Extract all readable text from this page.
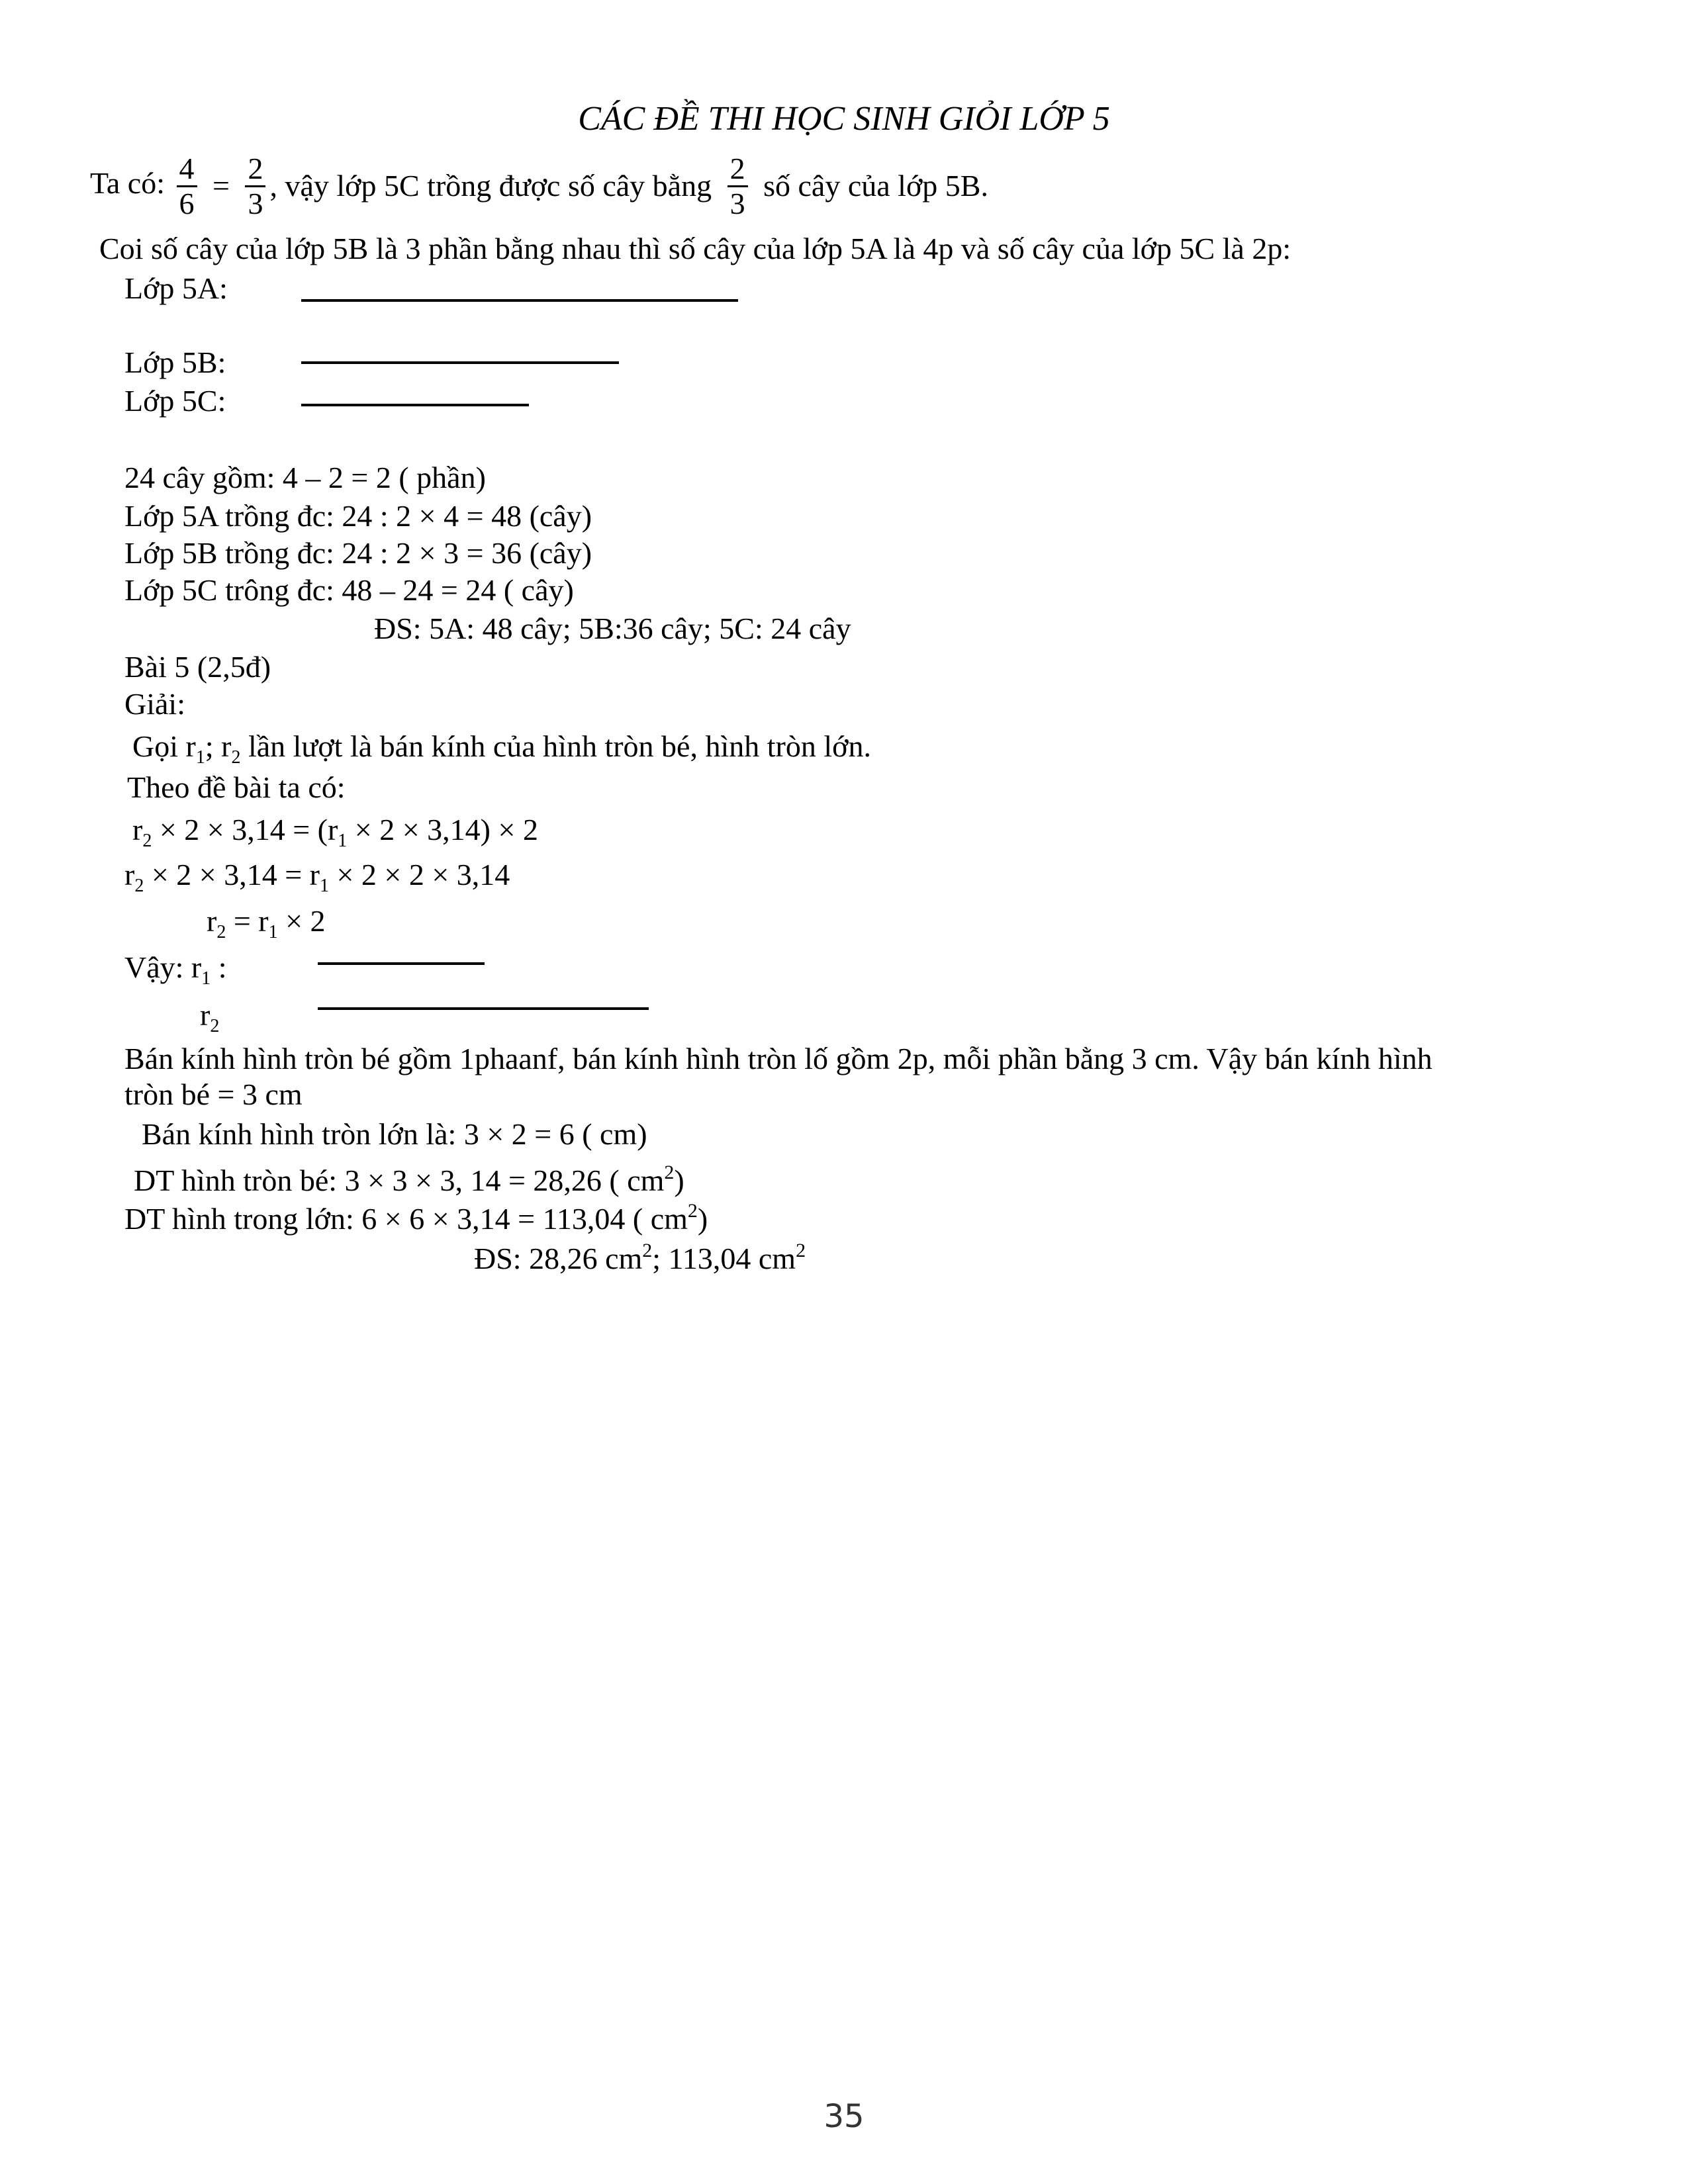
CÁC ĐỀ THI HỌC SINH GIỎI LỚP 5
Ta có: $\frac{4}{6} = \frac{2}{3}$ , vậy lớp 5C trồng được số cây bằng $\frac{2}{3}$ số cây của lớp 5B.
Coi số cây của lớp 5B là 3 phần bằng nhau thì số cây của lớp 5A là 4p và số cây của lớp 5C là 2p:
Lớp 5A:
Lớp 5B:
Lớp 5C:
24 cây gồm: 4 – 2 = 2 ( phần)
Lớp 5A trồng đc: 24 : 2 × 4 = 48 (cây)
Lớp 5B trồng đc: 24 : 2 × 3 = 36 (cây)
Lớp 5C trông đc: 48 – 24 = 24 ( cây)
ĐS: 5A: 48 cây; 5B:36 cây; 5C: 24 cây
Bài 5 (2,5đ)
Giải:
Gọi $r_1$; $r_2$ lần lượt là bán kính của hình tròn bé, hình tròn lớn.
Theo đề bài ta có:
$r_2 \times 2 \times 3,14 = (r_1 \times 2 \times 3,14) \times 2$
$r_2 \times 2 \times 3,14 = r_1 \times 2 \times 2 \times 3,14$
$r_2 = r_1 \times 2$
Vậy: $r_1$ :
$r_2$
Bán kính hình tròn bé gồm 1phaanf, bán kính hình tròn lố gồm 2p, mỗi phần bằng 3 cm. Vậy bán kính hình
tròn bé = 3 cm
Bán kính hình tròn lớn là: 3 × 2 = 6 ( cm)
DT hình tròn bé: 3 × 3 × 3, 14 = 28,26 ( $cm^2$)
DT hình trong lớn: 6 × 6 × 3,14 = 113,04 ( $cm^2$)
ĐS: 28,26 $cm^2$; 113,04 $cm^2$
35
